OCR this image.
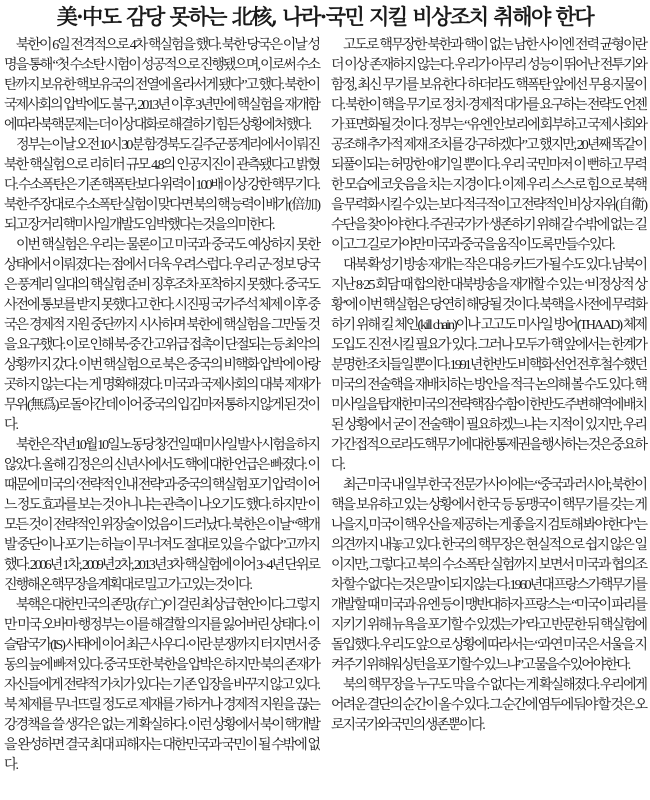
美·中도 감당 못하는 北核, 나라·국민 지킬 비상조치 취해야 한다

북한이 6일 전격적으로 4차 핵실험을 했다. 북한 당국은 이날 성명을 통해 “첫 수소탄 시험이 성공적으로 진행됐으며, 이로써 수소탄까지 보유한 핵보유국의 전열에 올라서게 됐다”고 했다. 북한이 국제사회의 압박에도 불구, 2013년 이후 3년만에 핵실험을 재개함에 따라 북핵 문제는 더 이상 대화로 해결하기 힘든 상황에 처했다.

정부는 이날 오전 10시 30분 함경북도 길주군 풍계리에서 이뤄진 북한 핵실험으로 리히터 규모 4.8의 인공지진이 관측됐다고 밝혔다. 수소폭탄은 기존 핵폭탄보다 위력이 100배 이상 강한 핵무기다. 북한 주장대로 수소폭탄 실험이 맞다면 북의 핵 능력이 배가(倍加)되고 장거리 핵미사일 개발도 임박했다는 것을 의미한다.

이번 핵실험은 우리는 물론이고 미국과 중국도 예상하지 못한 상태에서 이뤄졌다는 점에서 더욱 우려스럽다. 우리 군·정보 당국은 풍계리 일대의 핵실험 준비 징후조차 포착하지 못했다. 중국도 사전에 통보를 받지 못했다고 한다. 시진핑 국가주석 체제 이후 중국은 경제적 지원 중단까지 시사하며 북한에 핵실험을 그만둘 것을 요구했다. 이로 인해 북·중 간 고위급 접촉이 단절되는 등 최악의 상황까지 갔다. 이번 핵실험으로 북은 중국의 비핵화 압박에 아랑곳하지 않는다는 게 명확해졌다. 미국과 국제사회의 대북 제재가 무위(無爲)로 돌아간 데 이어 중국의 입김마저 통하지 않게 된 것이다.

북한은 작년 10월 10일 노동당 창건일 때 미사일 발사 시험을 하지 않았다. 올해 김정은의 신년사에서도 핵에 대한 언급은 빠졌다. 이 때문에 미국의 ‘전략적 인내 전략’과 중국의 핵실험 포기 압력이 어느 정도 효과를 보는 것 아니냐는 관측이 나오기도 했다. 하지만 이 모든 것이 전략적인 위장술이었음이 드러났다. 북한은 이날 “핵개발 중단이나 포기는 하늘이 무너져도 절대로 있을 수 없다”고까지 했다. 2006년 1차, 2009년 2차, 2013년 3차 핵실험에 이어 3~4년 단위로 진행해 온 핵무장을 계획대로 밀고 가고 있는 것이다.

북핵은 대한민국의 존망(存亡)이 걸린 최상급 현안이다. 그렇지만 미국 오바마 행정부는 이를 해결할 의지를 잃어버린 상태다. 이슬람국가(IS) 사태에 이어 최근 사우디·이란 분쟁까지 터지면서 중동의 늪에 빠져 있다. 중국 또한 북한을 압박은 하지만 북의 존재가 자신들에게 전략적 가치가 있다는 기존 입장을 바꾸지 않고 있다. 북 체제를 무너뜨릴 정도로 제재를 가하거나 경제적 지원을 끊는 강경책을 쓸 생각은 없는 게 확실하다. 이런 상황에서 북이 핵개발을 완성하면 결국 최대 피해자는 대한민국과 국민이 될 수밖에 없다.

고도로 핵무장한 북한과 핵이 없는 남한 사이엔 전력 균형이란 더 이상 존재하지 않는다. 우리가 아무리 성능이 뛰어난 전투기와 함정, 최신 무기를 보유한다 하더라도 핵폭탄 앞에선 무용지물이다. 북한이 핵을 무기로 정치·경제적 대가를 요구하는 전략도 언젠가 표면화될 것이다. 정부는 “유엔 안보리에 회부하고 국제 사회와 공조해 추가적 제재 조치를 강구하겠다”고 했지만, 20년째 똑같이 되풀이되는 허망한 얘기일 뿐이다. 우리 국민마저 이 뻔하고 무력한 모습에 코웃음을 치는 지경이다. 이제 우리 스스로 힘으로 북핵을 무력화시킬 수 있는 보다 적극적이고 전략적인 비상 자위(自衛) 수단을 찾아야 한다. 주권국가가 생존하기 위해 갈 수밖에 없는 길이고 그 길로 가야만 미국과 중국을 움직이도록 만들 수 있다.

대북 확성기 방송 재개는 작은 대응 카드가 될 수도 있다. 남북이 지난 8·25 회담 때 합의한 대북방송을 재개할 수 있는 ‘비정상적 상황’에 이번 핵실험은 당연히 해당될 것이다. 북핵을 사전에 무력화하기 위해 킬 체인(kill chain)이나 고고도 미사일 방어(THAAD) 체제 도입도 진전시킬 필요가 있다. 그러나 모두가 핵 앞에서는 한계가 분명한 조치들일 뿐이다. 1991년 한반도 비핵화 선언 전후 철수했던 미국의 전술핵을 재배치하는 방안을 적극 논의해 볼 수도 있다. 핵미사일을 탑재한 미국의 전략핵잠수함이 한반도 주변 해역에 배치된 상황에서 굳이 전술핵이 필요하겠느냐는 지적이 있지만, 우리가 간접적으로라도 핵무기에 대한 통제권을 행사하는 것은 중요하다.

최근 미국 내 일부 한국 전문가 사이에는 “중국과 러시아, 북한이 핵을 보유하고 있는 상황에서 한국 등 동맹국이 핵무기를 갖는 게 나을지, 미국이 핵우산을 제공하는 게 좋을지 검토해 봐야 한다”는 의견까지 내놓고 있다. 한국의 핵무장은 현실적으로 쉽지 않은 일이지만, 그렇다고 북의 수소폭탄 실험까지 보면서 미국과 협의조차 할 수 없다는 것은 말이 되지 않는다. 1960년대 프랑스가 핵무기를 개발할 때 미국과 유엔 등이 맹반대하자 프랑스는 “미국이 파리를 지키기 위해 뉴욕을 포기할 수 있겠는가”라고 반문한 뒤 핵실험에 돌입했다. 우리도 앞으로 상황에 따라서는 “과연 미국은 서울을 지켜주기 위해 워싱턴을 포기할 수 있느냐”고 물을 수 있어야 한다.

북의 핵무장을 누구도 막을 수 없다는 게 확실해졌다. 우리에게 어려운 결단의 순간이 올 수 있다. 그 순간에 염두에 둬야 할 것은 오로지 국가와 국민의 생존뿐이다.
